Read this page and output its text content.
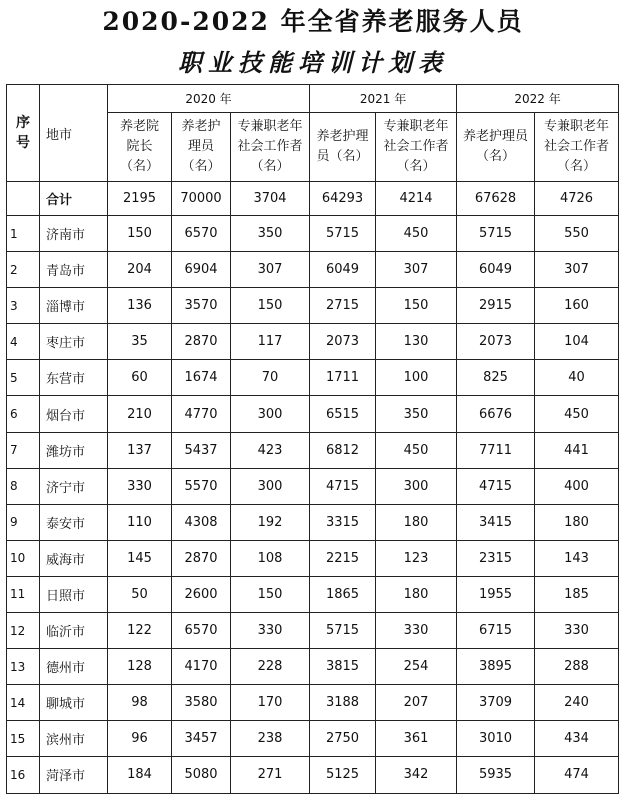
2020-2022 年全省养老服务人员
职业技能培训计划表
序号	地市	2020 年			2021 年		2022 年	
		养老院院长（名）	养老护理员（名）	专兼职老年社会工作者（名）	养老护理员（名）	专兼职老年社会工作者（名）	养老护理员（名）	专兼职老年社会工作者（名）
	合计	2195	70000	3704	64293	4214	67628	4726
1	济南市	150	6570	350	5715	450	5715	550
2	青岛市	204	6904	307	6049	307	6049	307
3	淄博市	136	3570	150	2715	150	2915	160
4	枣庄市	35	2870	117	2073	130	2073	104
5	东营市	60	1674	70	1711	100	825	40
6	烟台市	210	4770	300	6515	350	6676	450
7	潍坊市	137	5437	423	6812	450	7711	441
8	济宁市	330	5570	300	4715	300	4715	400
9	泰安市	110	4308	192	3315	180	3415	180
10	威海市	145	2870	108	2215	123	2315	143
11	日照市	50	2600	150	1865	180	1955	185
12	临沂市	122	6570	330	5715	330	6715	330
13	德州市	128	4170	228	3815	254	3895	288
14	聊城市	98	3580	170	3188	207	3709	240
15	滨州市	96	3457	238	2750	361	3010	434
16	菏泽市	184	5080	271	5125	342	5935	474
